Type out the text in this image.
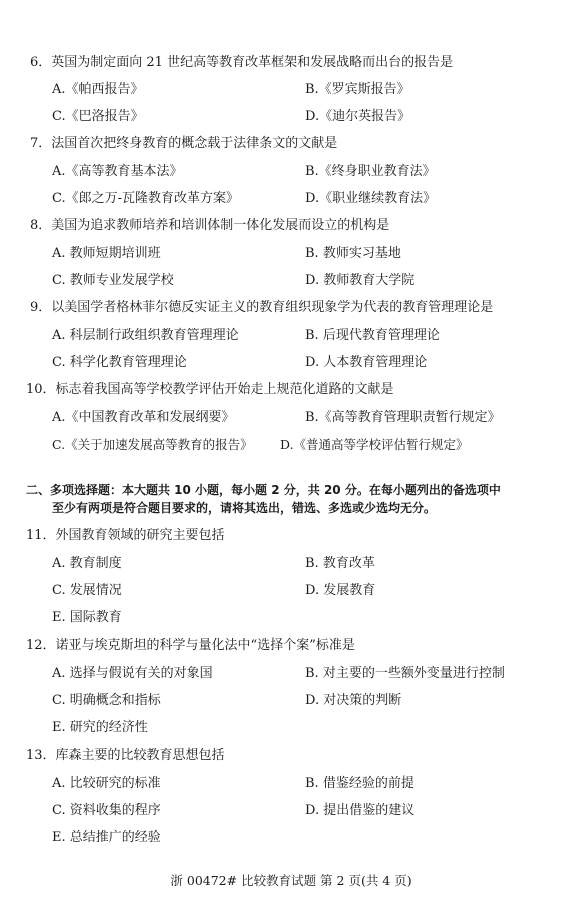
6．英国为制定面向 21 世纪高等教育改革框架和发展战略而出台的报告是
A.《帕西报告》	B.《罗宾斯报告》
C.《巴洛报告》	D.《迪尔英报告》
7．法国首次把终身教育的概念载于法律条文的文献是
A.《高等教育基本法》	B.《终身职业教育法》
C.《郎之万-瓦隆教育改革方案》	D.《职业继续教育法》
8．美国为追求教师培养和培训体制一体化发展而设立的机构是
A. 教师短期培训班	B. 教师实习基地
C. 教师专业发展学校	D. 教师教育大学院
9．以美国学者格林菲尔德反实证主义的教育组织现象学为代表的教育管理理论是
A. 科层制行政组织教育管理理论	B. 后现代教育管理理论
C. 科学化教育管理理论	D. 人本教育管理理论
10．标志着我国高等学校教学评估开始走上规范化道路的文献是
A.《中国教育改革和发展纲要》	B.《高等教育管理职责暂行规定》
C.《关于加速发展高等教育的报告》 D.《普通高等学校评估暂行规定》
二、多项选择题：本大题共 10 小题，每小题 2 分，共 20 分。在每小题列出的备选项中
至少有两项是符合题目要求的，请将其选出，错选、多选或少选均无分。
11．外国教育领域的研究主要包括
A. 教育制度	B. 教育改革
C. 发展情况	D. 发展教育
E. 国际教育
12．诺亚与埃克斯坦的科学与量化法中“选择个案”标准是
A. 选择与假说有关的对象国	B. 对主要的一些额外变量进行控制
C. 明确概念和指标	D. 对决策的判断
E. 研究的经济性
13．库森主要的比较教育思想包括
A. 比较研究的标准	B. 借鉴经验的前提
C. 资料收集的程序	D. 提出借鉴的建议
E. 总结推广的经验
浙 00472# 比较教育试题 第 2 页(共 4 页)
